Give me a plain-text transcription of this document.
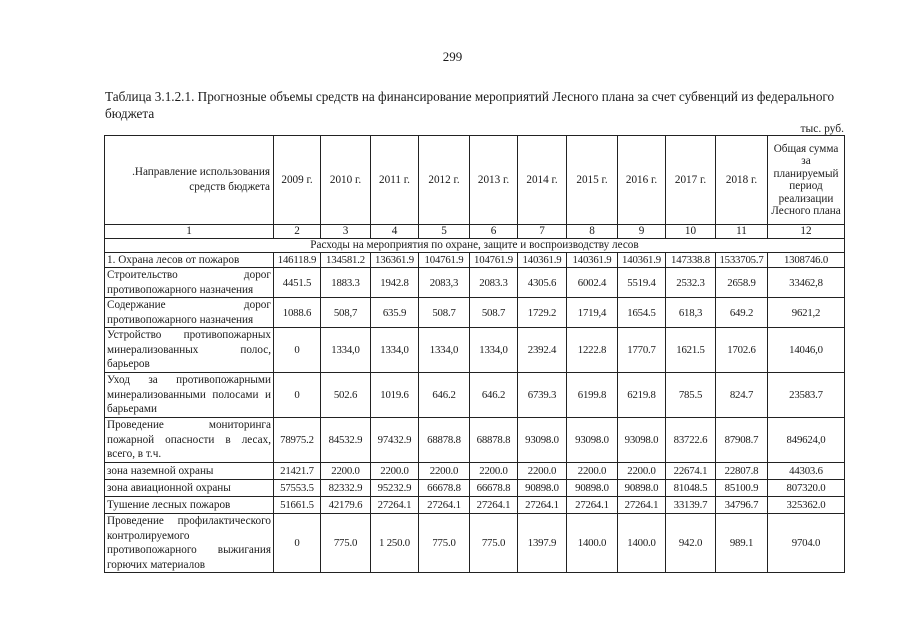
299
Таблица 3.1.2.1. Прогнозные объемы средств на финансирование мероприятий Лесного плана за счет субвенций из федерального бюджета
тыс. руб.
.Направление использования средств бюджета	2009 г.	2010 г.	2011 г.	2012 г.	2013 г.	2014 г.	2015 г.	2016 г.	2017 г.	2018 г.	Общая сумма за планируемый период реализации Лесного плана
1	2	3	4	5	6	7	8	9	10	11	12
Расходы на мероприятия по охране, защите и воспроизводству лесов											
1. Охрана лесов от пожаров	146118.9	134581.2	136361.9	104761.9	104761.9	140361.9	140361.9	140361.9	147338.8	1533705.7	1308746.0
Строительство дорог противопожарного назначения	4451.5	1883.3	1942.8	2083,3	2083.3	4305.6	6002.4	5519.4	2532.3	2658.9	33462,8
Содержание дорог противопожарного назначения	1088.6	508,7	635.9	508.7	508.7	1729.2	1719,4	1654.5	618,3	649.2	9621,2
Устройство противопожарных минерализованных полос, барьеров	0	1334,0	1334,0	1334,0	1334,0	2392.4	1222.8	1770.7	1621.5	1702.6	14046,0
Уход за противопожарными минерализованными полосами и барьерами	0	502.6	1019.6	646.2	646.2	6739.3	6199.8	6219.8	785.5	824.7	23583.7
Проведение мониторинга пожарной опасности в лесах, всего, в т.ч.	78975.2	84532.9	97432.9	68878.8	68878.8	93098.0	93098.0	93098.0	83722.6	87908.7	849624,0
зона наземной охраны	21421.7	2200.0	2200.0	2200.0	2200.0	2200.0	2200.0	2200.0	22674.1	22807.8	44303.6
зона авиационной охраны	57553.5	82332.9	95232.9	66678.8	66678.8	90898.0	90898.0	90898.0	81048.5	85100.9	807320.0
Тушение лесных пожаров	51661.5	42179.6	27264.1	27264.1	27264.1	27264.1	27264.1	27264.1	33139.7	34796.7	325362.0
Проведение профилактического контролируемого противопожарного выжигания горючих материалов	0	775.0	1 250.0	775.0	775.0	1397.9	1400.0	1400.0	942.0	989.1	9704.0
